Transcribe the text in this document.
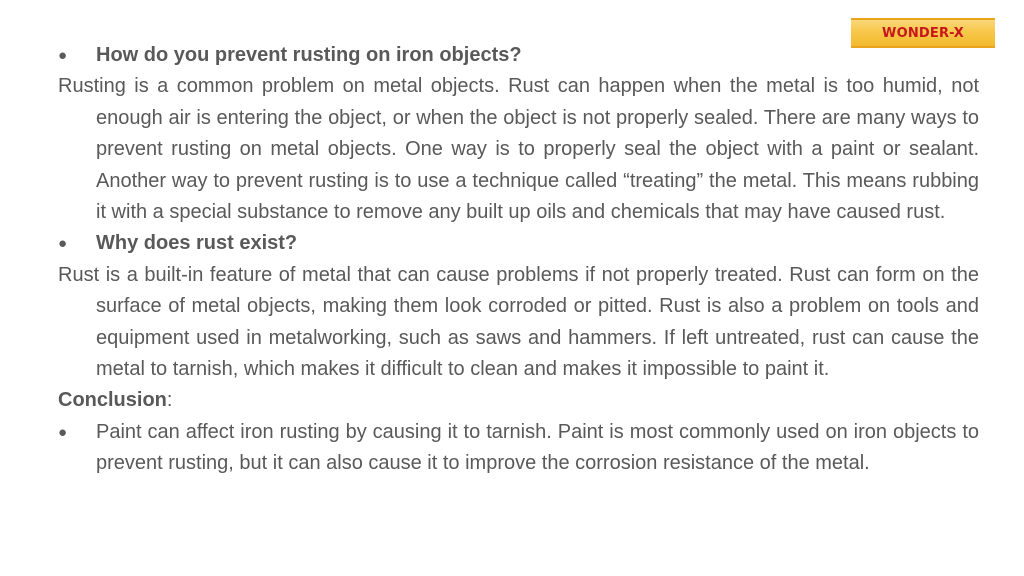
WONDER-X
● How do you prevent rusting on iron objects?
Rusting is a common problem on metal objects. Rust can happen when the metal is too humid, not enough air is entering the object, or when the object is not properly sealed. There are many ways to prevent rusting on metal objects. One way is to properly seal the object with a paint or sealant. Another way to prevent rusting is to use a technique called “treating” the metal. This means rubbing it with a special substance to remove any built up oils and chemicals that may have caused rust.
● Why does rust exist?
Rust is a built-in feature of metal that can cause problems if not properly treated. Rust can form on the surface of metal objects, making them look corroded or pitted. Rust is also a problem on tools and equipment used in metalworking, such as saws and hammers. If left untreated, rust can cause the metal to tarnish, which makes it difficult to clean and makes it impossible to paint it.
Conclusion:
● Paint can affect iron rusting by causing it to tarnish. Paint is most commonly used on iron objects to prevent rusting, but it can also cause it to improve the corrosion resistance of the metal.
